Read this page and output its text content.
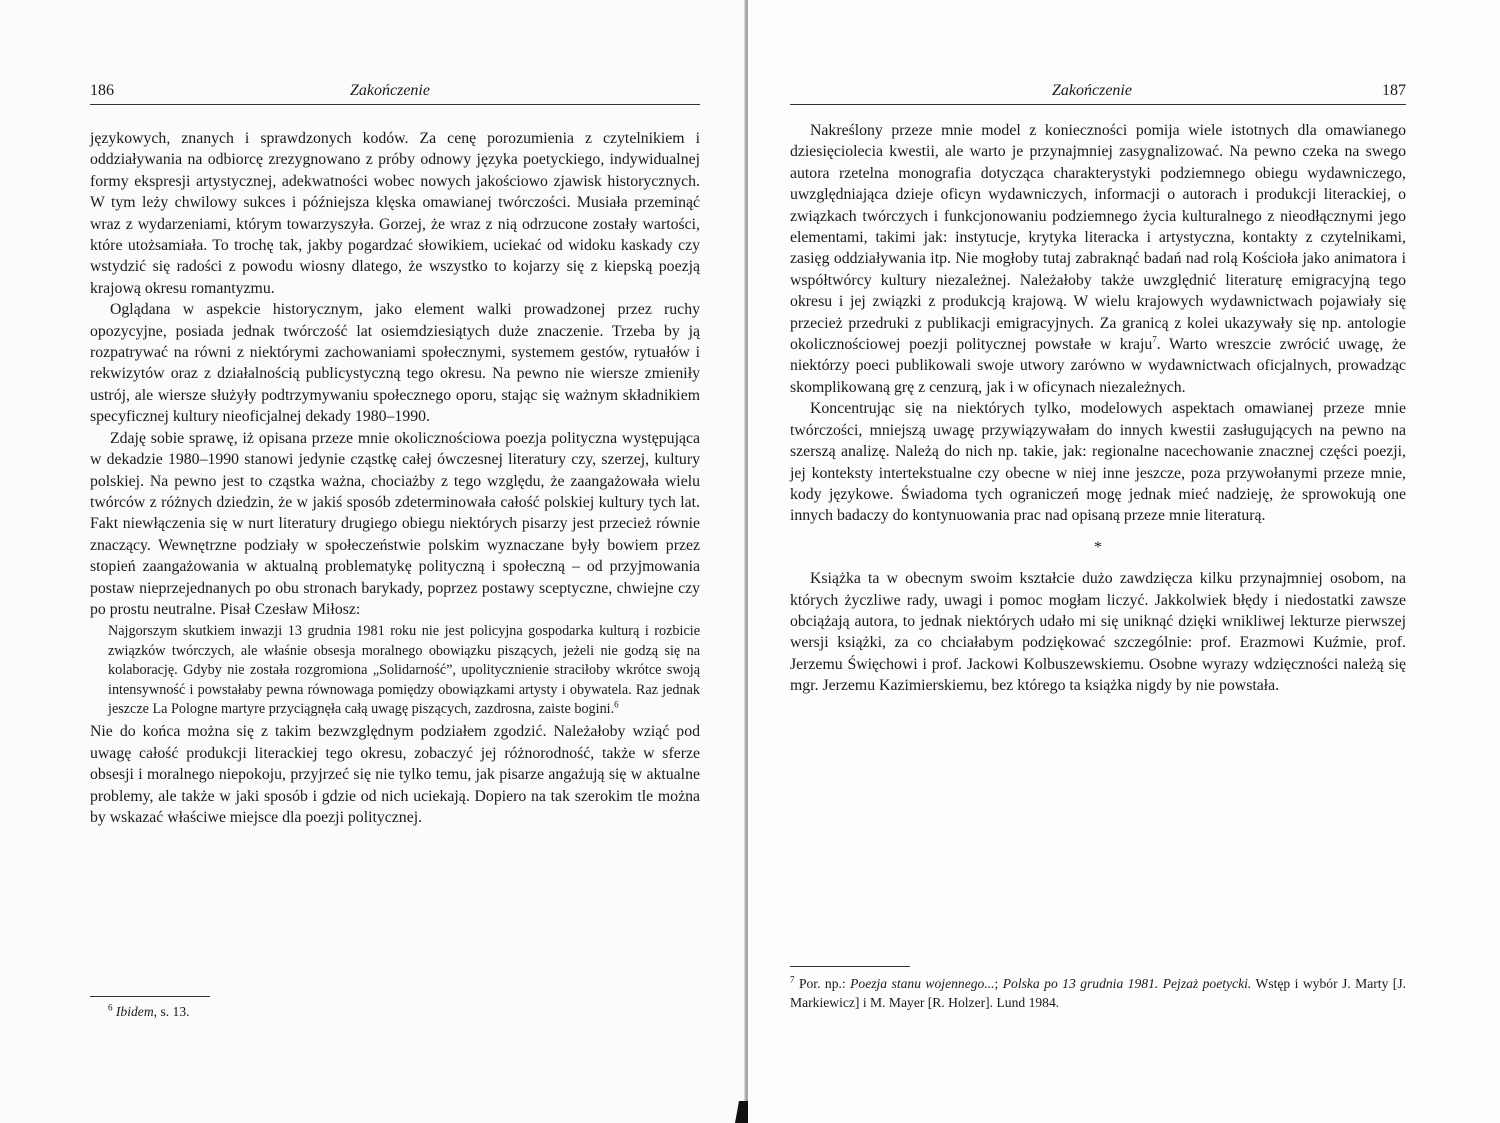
186	Zakończenie

językowych, znanych i sprawdzonych kodów. Za cenę porozumienia z czytelnikiem i oddziaływania na odbiorcę zrezygnowano z próby odnowy języka poetyckiego, indywidualnej formy ekspresji artystycznej, adekwatności wobec nowych jakościowo zjawisk historycznych. W tym leży chwilowy sukces i późniejsza klęska omawianej twórczości. Musiała przeminąć wraz z wydarzeniami, którym towarzyszyła. Gorzej, że wraz z nią odrzucone zostały wartości, które utożsamiała. To trochę tak, jakby pogardzać słowikiem, uciekać od widoku kaskady czy wstydzić się radości z powodu wiosny dlatego, że wszystko to kojarzy się z kiepską poezją krajową okresu romantyzmu.

Oglądana w aspekcie historycznym, jako element walki prowadzonej przez ruchy opozycyjne, posiada jednak twórczość lat osiemdziesiątych duże znaczenie. Trzeba by ją rozpatrywać na równi z niektórymi zachowaniami społecznymi, systemem gestów, rytuałów i rekwizytów oraz z działalnością publicystyczną tego okresu. Na pewno nie wiersze zmieniły ustrój, ale wiersze służyły podtrzymywaniu społecznego oporu, stając się ważnym składnikiem specyficznej kultury nieoficjalnej dekady 1980–1990.

Zdaję sobie sprawę, iż opisana przeze mnie okolicznościowa poezja polityczna występująca w dekadzie 1980–1990 stanowi jedynie cząstkę całej ówczesnej literatury czy, szerzej, kultury polskiej. Na pewno jest to cząstka ważna, chociażby z tego względu, że zaangażowała wielu twórców z różnych dziedzin, że w jakiś sposób zdeterminowała całość polskiej kultury tych lat. Fakt niewłączenia się w nurt literatury drugiego obiegu niektórych pisarzy jest przecież równie znaczący. Wewnętrzne podziały w społeczeństwie polskim wyznaczane były bowiem przez stopień zaangażowania w aktualną problematykę polityczną i społeczną – od przyjmowania postaw nieprzejednanych po obu stronach barykady, poprzez postawy sceptyczne, chwiejne czy po prostu neutralne. Pisał Czesław Miłosz:

Najgorszym skutkiem inwazji 13 grudnia 1981 roku nie jest policyjna gospodarka kulturą i rozbicie związków twórczych, ale właśnie obsesja moralnego obowiązku piszących, jeżeli nie godzą się na kolaborację. Gdyby nie została rozgromiona „Solidarność”, upolitycznienie straciłoby wkrótce swoją intensywność i powstałaby pewna równowaga pomiędzy obowiązkami artysty i obywatela. Raz jednak jeszcze La Pologne martyre przyciągnęła całą uwagę piszących, zazdrosna, zaiste bogini.$^6$

Nie do końca można się z takim bezwzględnym podziałem zgodzić. Należałoby wziąć pod uwagę całość produkcji literackiej tego okresu, zobaczyć jej różnorodność, także w sferze obsesji i moralnego niepokoju, przyjrzeć się nie tylko temu, jak pisarze angażują się w aktualne problemy, ale także w jaki sposób i gdzie od nich uciekają. Dopiero na tak szerokim tle można by wskazać właściwe miejsce dla poezji politycznej.

$^6$ Ibidem, s. 13.
Zakończenie	187

Nakreślony przeze mnie model z konieczności pomija wiele istotnych dla omawianego dziesięciolecia kwestii, ale warto je przynajmniej zasygnalizować. Na pewno czeka na swego autora rzetelna monografia dotycząca charakterystyki podziemnego obiegu wydawniczego, uwzględniająca dzieje oficyn wydawniczych, informacji o autorach i produkcji literackiej, o związkach twórczych i funkcjonowaniu podziemnego życia kulturalnego z nieodłącznymi jego elementami, takimi jak: instytucje, krytyka literacka i artystyczna, kontakty z czytelnikami, zasięg oddziaływania itp. Nie mogłoby tutaj zabraknąć badań nad rolą Kościoła jako animatora i współtwórcy kultury niezależnej. Należałoby także uwzględnić literaturę emigracyjną tego okresu i jej związki z produkcją krajową. W wielu krajowych wydawnictwach pojawiały się przecież przedruki z publikacji emigracyjnych. Za granicą z kolei ukazywały się np. antologie okolicznościowej poezji politycznej powstałe w kraju$^7$. Warto wreszcie zwrócić uwagę, że niektórzy poeci publikowali swoje utwory zarówno w wydawnictwach oficjalnych, prowadząc skomplikowaną grę z cenzurą, jak i w oficynach niezależnych.

Koncentrując się na niektórych tylko, modelowych aspektach omawianej przeze mnie twórczości, mniejszą uwagę przywiązywałam do innych kwestii zasługujących na pewno na szerszą analizę. Należą do nich np. takie, jak: regionalne nacechowanie znacznej części poezji, jej konteksty intertekstualne czy obecne w niej inne jeszcze, poza przywołanymi przeze mnie, kody językowe. Świadoma tych ograniczeń mogę jednak mieć nadzieję, że sprowokują one innych badaczy do kontynuowania prac nad opisaną przeze mnie literaturą.

*

Książka ta w obecnym swoim kształcie dużo zawdzięcza kilku przynajmniej osobom, na których życzliwe rady, uwagi i pomoc mogłam liczyć. Jakkolwiek błędy i niedostatki zawsze obciążają autora, to jednak niektórych udało mi się uniknąć dzięki wnikliwej lekturze pierwszej wersji książki, za co chciałabym podziękować szczególnie: prof. Erazmowi Kuźmie, prof. Jerzemu Święchowi i prof. Jackowi Kolbuszewskiemu. Osobne wyrazy wdzięczności należą się mgr. Jerzemu Kazimierskiemu, bez którego ta książka nigdy by nie powstała.

$^7$ Por. np.: Poezja stanu wojennego...; Polska po 13 grudnia 1981. Pejzaż poetycki. Wstęp i wybór J. Marty [J. Markiewicz] i M. Mayer [R. Holzer]. Lund 1984.
